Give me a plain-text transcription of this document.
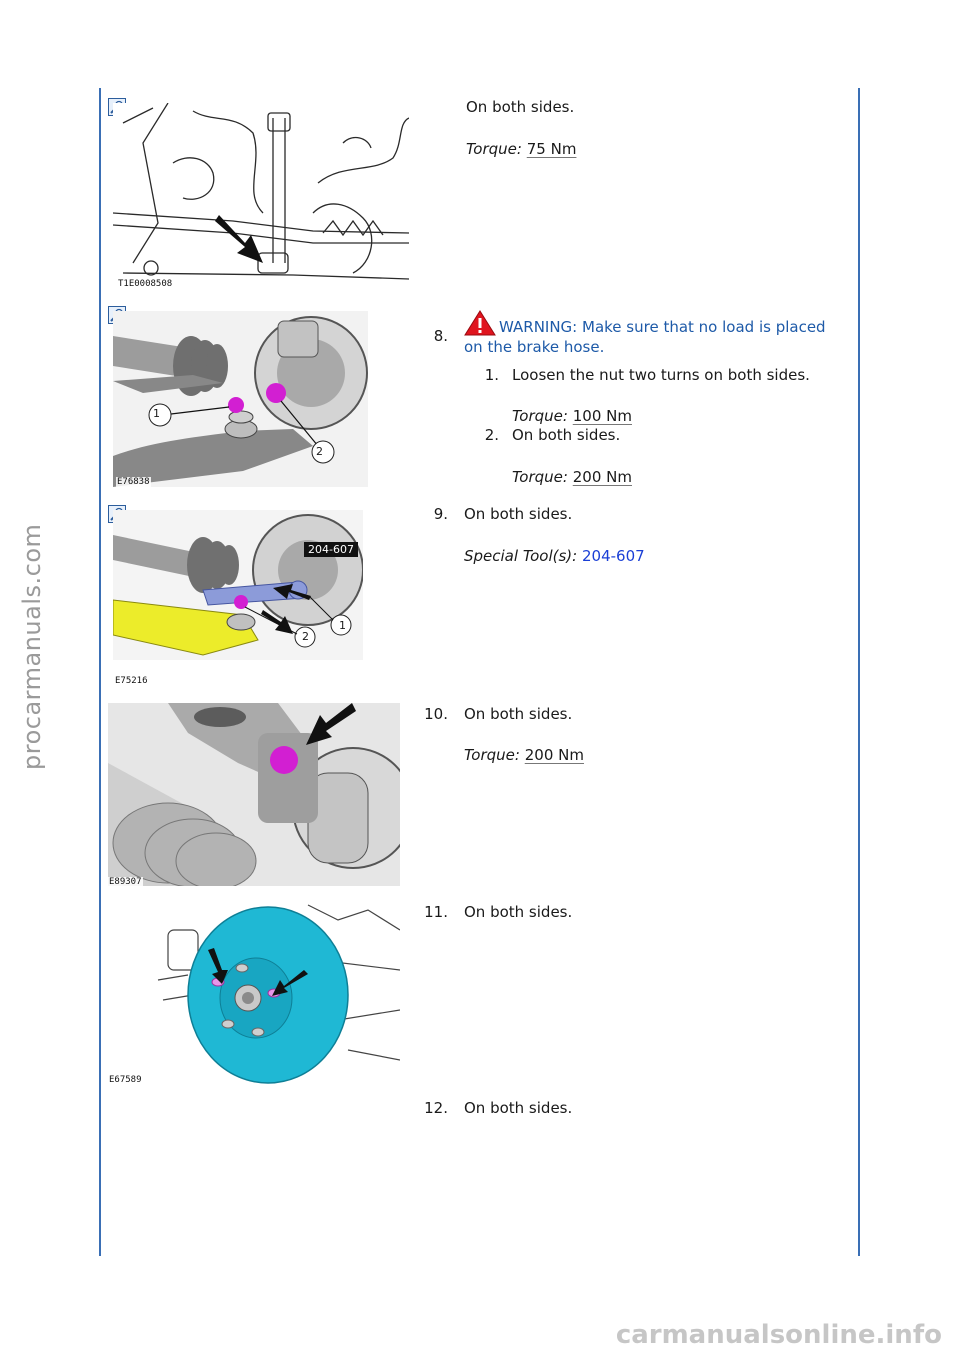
procarmanuals.com
carmanualsonline.info
T1E0008508
On both sides.
Torque: 75 Nm
1
2
E76838
8.	WARNING: Make sure that no load is placed on the brake hose.
1. Loosen the nut two turns on both sides.
Torque: 100 Nm
2. On both sides.
Torque: 200 Nm
204-607
2
1
E75216
9. On both sides.
Special Tool(s): 204-607
E89307
10. On both sides.
Torque: 200 Nm
E67589
11. On both sides.
12. On both sides.
